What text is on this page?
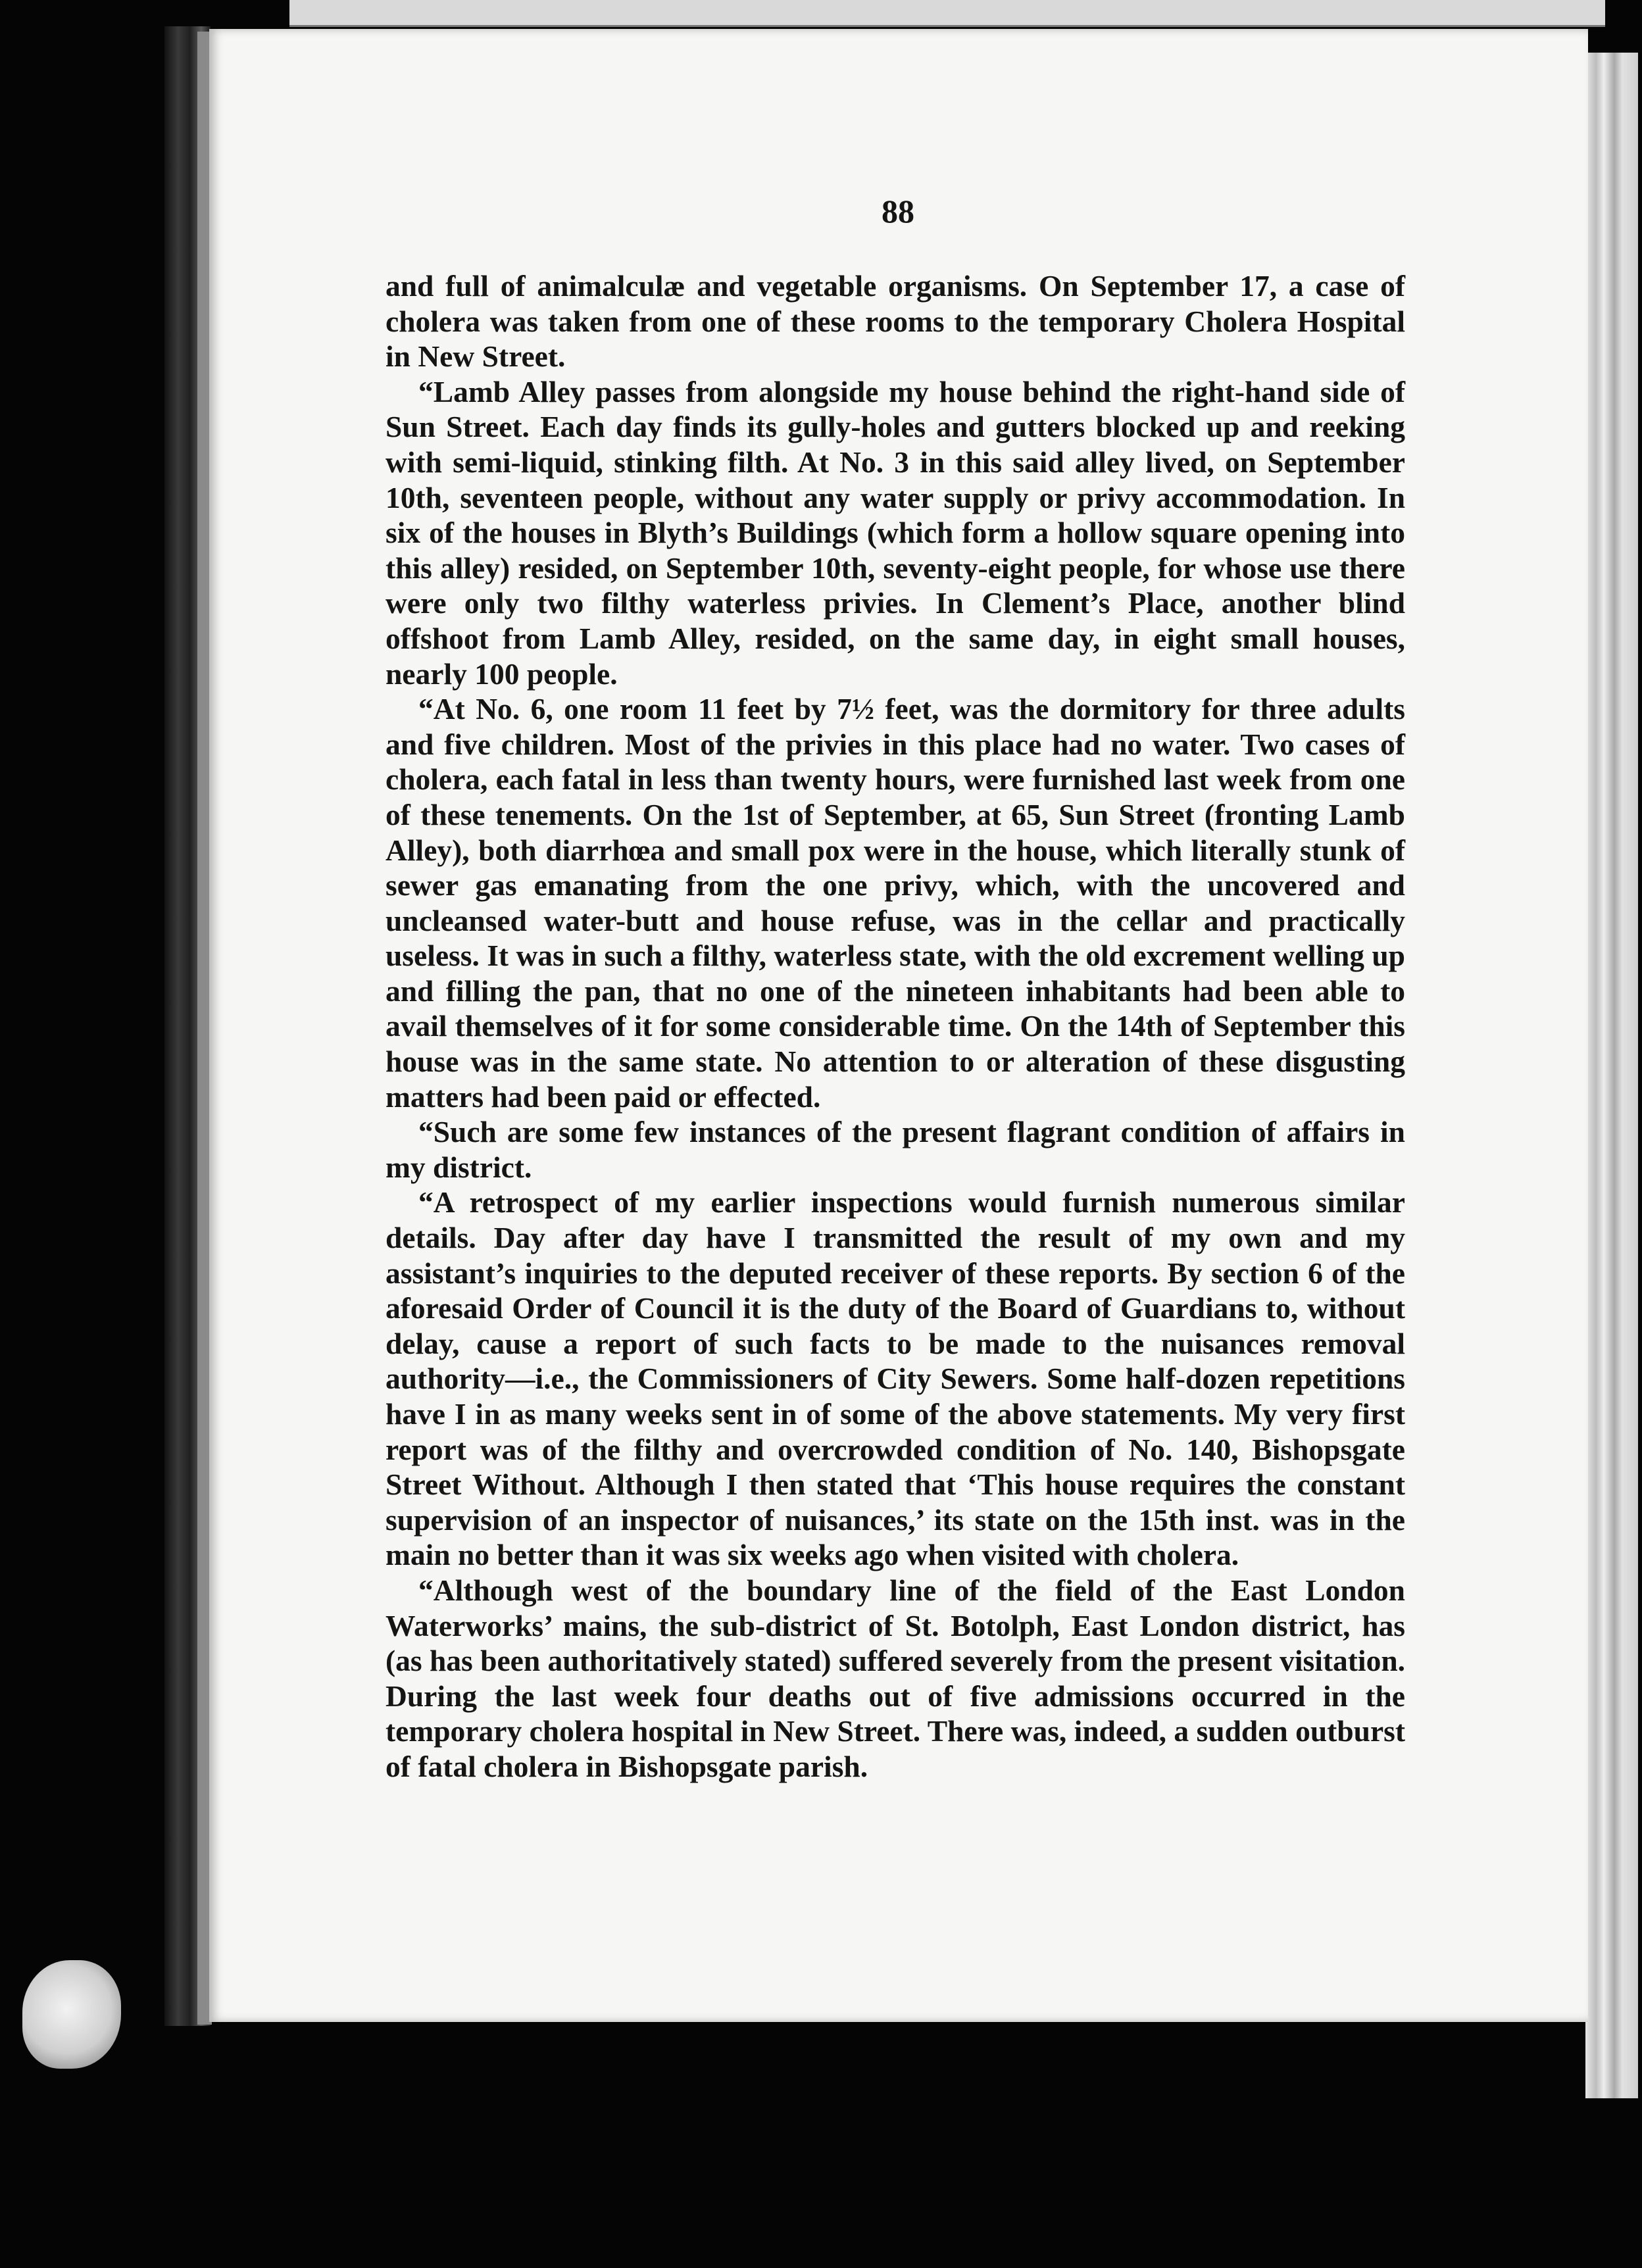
88

and full of animalculæ and vegetable organisms. On September 17, a case of cholera was taken from one of these rooms to the temporary Cholera Hospital in New Street.

“Lamb Alley passes from alongside my house behind the right-hand side of Sun Street. Each day finds its gully-holes and gutters blocked up and reeking with semi-liquid, stinking filth. At No. 3 in this said alley lived, on September 10th, seventeen people, without any water supply or privy accommodation. In six of the houses in Blyth’s Buildings (which form a hollow square opening into this alley) resided, on September 10th, seventy-eight people, for whose use there were only two filthy waterless privies. In Clement’s Place, another blind offshoot from Lamb Alley, resided, on the same day, in eight small houses, nearly 100 people.

“At No. 6, one room 11 feet by 7½ feet, was the dormitory for three adults and five children. Most of the privies in this place had no water. Two cases of cholera, each fatal in less than twenty hours, were furnished last week from one of these tenements. On the 1st of September, at 65, Sun Street (fronting Lamb Alley), both diarrhœa and small pox were in the house, which literally stunk of sewer gas emanating from the one privy, which, with the uncovered and uncleansed water-butt and house refuse, was in the cellar and practically useless. It was in such a filthy, waterless state, with the old excrement welling up and filling the pan, that no one of the nineteen inhabitants had been able to avail themselves of it for some considerable time. On the 14th of September this house was in the same state. No attention to or alteration of these disgusting matters had been paid or effected.

“Such are some few instances of the present flagrant condition of affairs in my district.

“A retrospect of my earlier inspections would furnish numerous similar details. Day after day have I transmitted the result of my own and my assistant’s inquiries to the deputed receiver of these reports. By section 6 of the aforesaid Order of Council it is the duty of the Board of Guardians to, without delay, cause a report of such facts to be made to the nuisances removal authority—i.e., the Commissioners of City Sewers. Some half-dozen repetitions have I in as many weeks sent in of some of the above statements. My very first report was of the filthy and overcrowded condition of No. 140, Bishopsgate Street Without. Although I then stated that ‘This house requires the constant supervision of an inspector of nuisances,’ its state on the 15th inst. was in the main no better than it was six weeks ago when visited with cholera.

“Although west of the boundary line of the field of the East London Waterworks’ mains, the sub-district of St. Botolph, East London district, has (as has been authoritatively stated) suffered severely from the present visitation. During the last week four deaths out of five admissions occurred in the temporary cholera hospital in New Street. There was, indeed, a sudden outburst of fatal cholera in Bishopsgate parish.
